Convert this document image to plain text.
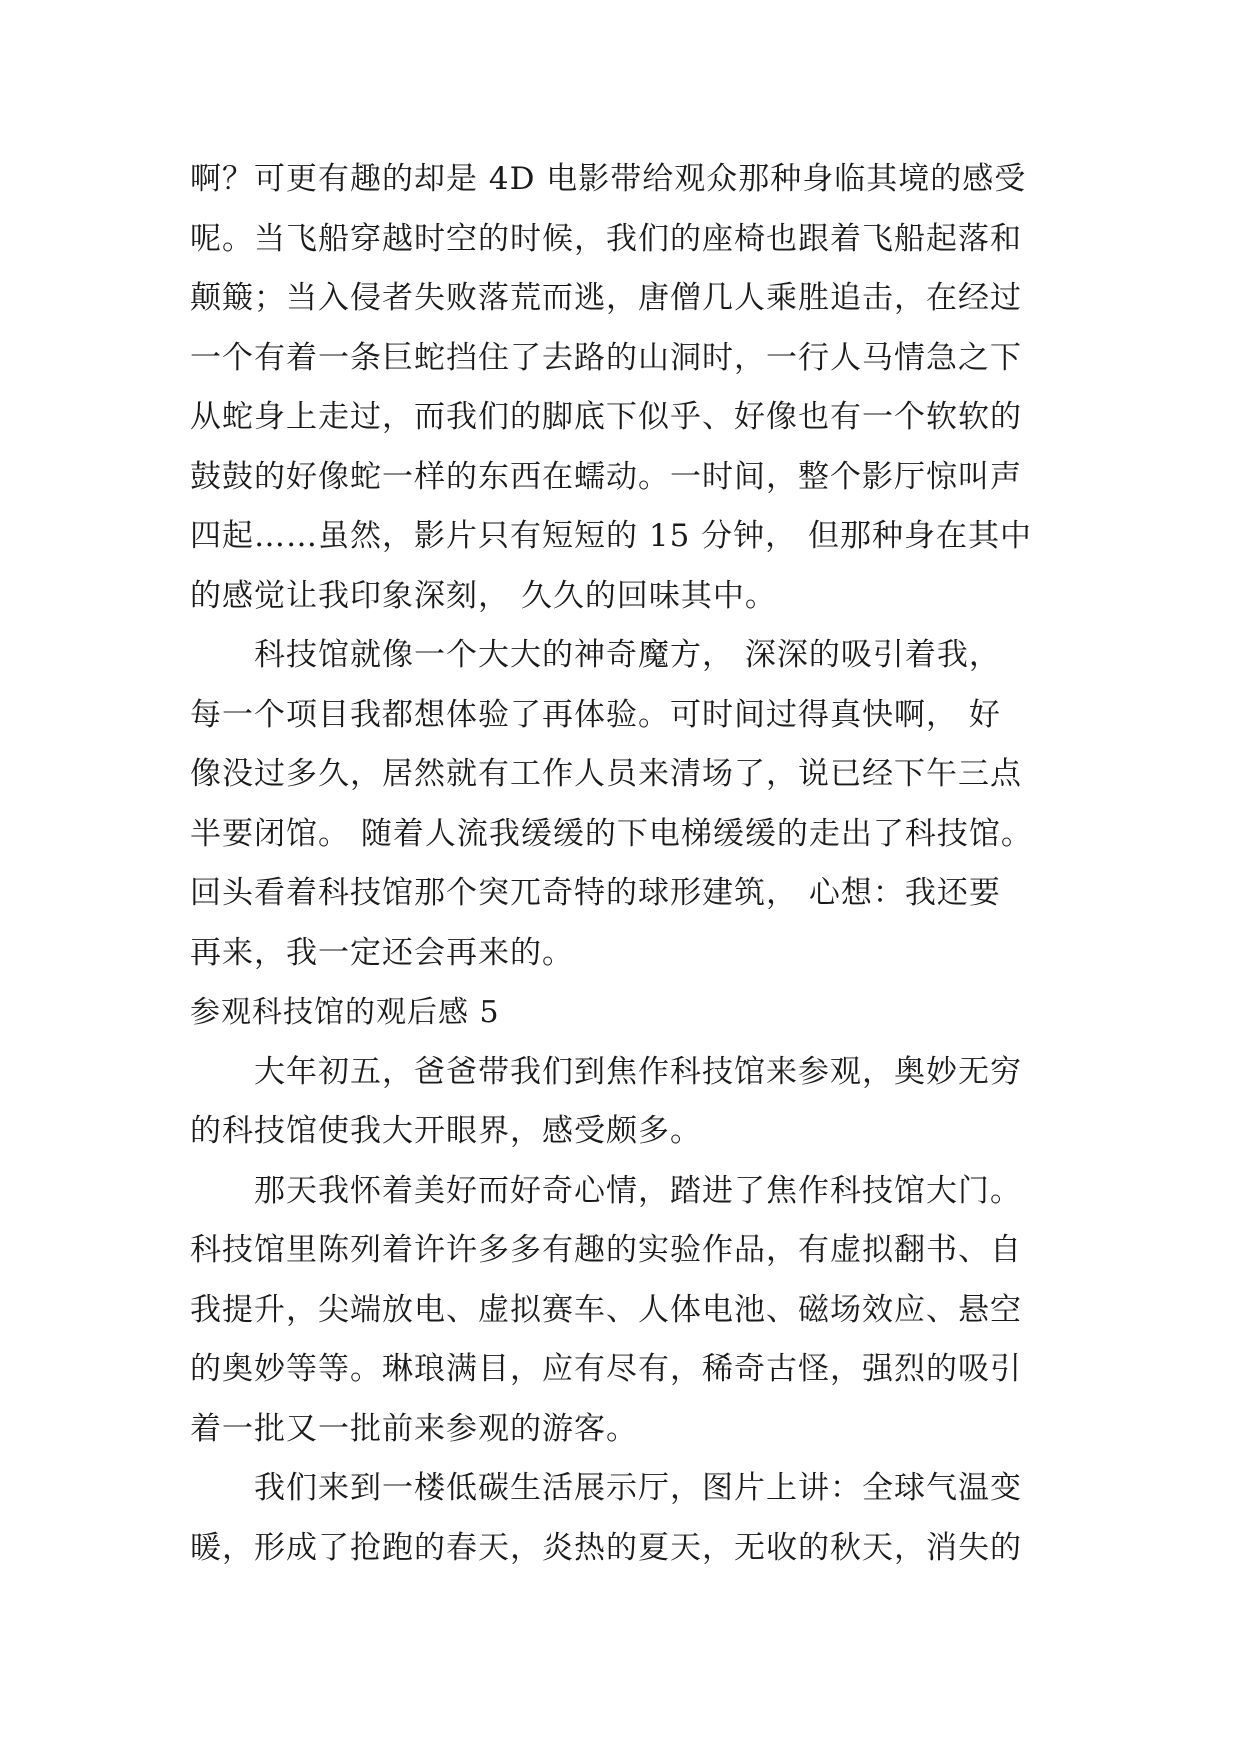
啊？可更有趣的却是 4D 电影带给观众那种身临其境的感受

呢。当飞船穿越时空的时候，我们的座椅也跟着飞船起落和

颠簸；当入侵者失败落荒而逃，唐僧几人乘胜追击，在经过

一个有着一条巨蛇挡住了去路的山洞时，一行人马情急之下

从蛇身上走过，而我们的脚底下似乎、好像也有一个软软的

鼓鼓的好像蛇一样的东西在蠕动。一时间，整个影厅惊叫声

四起……虽然，影片只有短短的 15 分钟， 但那种身在其中

的感觉让我印象深刻， 久久的回味其中。

　　科技馆就像一个大大的神奇魔方， 深深的吸引着我，

每一个项目我都想体验了再体验。可时间过得真快啊， 好

像没过多久，居然就有工作人员来清场了，说已经下午三点

半要闭馆。 随着人流我缓缓的下电梯缓缓的走出了科技馆。

回头看着科技馆那个突兀奇特的球形建筑， 心想：我还要

再来，我一定还会再来的。

参观科技馆的观后感 5

　　大年初五，爸爸带我们到焦作科技馆来参观，奥妙无穷

的科技馆使我大开眼界，感受颇多。

　　那天我怀着美好而好奇心情，踏进了焦作科技馆大门。

科技馆里陈列着许许多多有趣的实验作品，有虚拟翻书、自

我提升，尖端放电、虚拟赛车、人体电池、磁场效应、悬空

的奥妙等等。琳琅满目，应有尽有，稀奇古怪，强烈的吸引

着一批又一批前来参观的游客。

　　我们来到一楼低碳生活展示厅，图片上讲：全球气温变

暖，形成了抢跑的春天，炎热的夏天，无收的秋天，消失的
